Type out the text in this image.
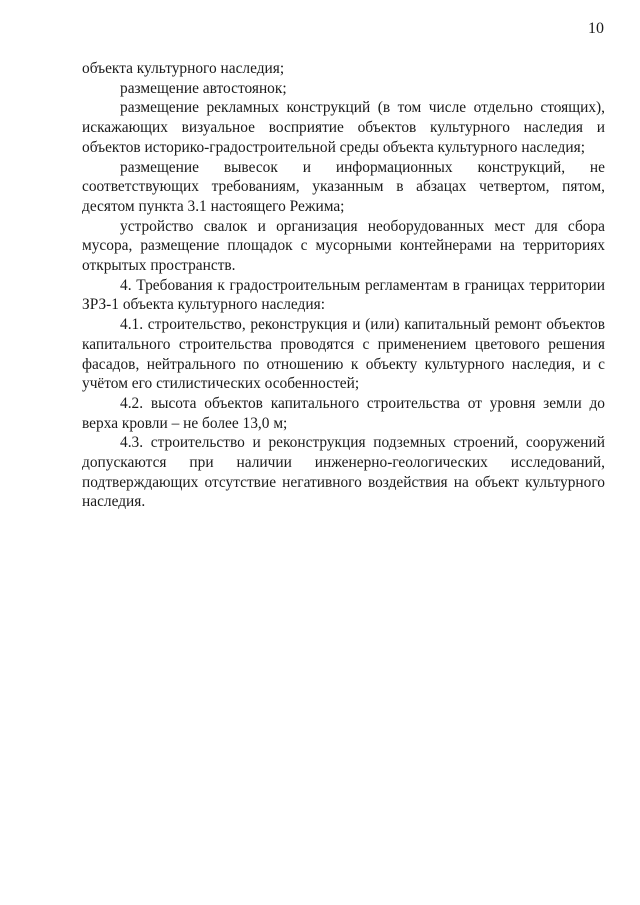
10

объекта культурного наследия;

размещение автостоянок;

размещение рекламных конструкций (в том числе отдельно стоящих), искажающих визуальное восприятие объектов культурного наследия и объектов историко-градостроительной среды объекта культурного наследия;

размещение вывесок и информационных конструкций, не соответствующих требованиям, указанным в абзацах четвертом, пятом, десятом пункта 3.1 настоящего Режима;

устройство свалок и организация необорудованных мест для сбора мусора, размещение площадок с мусорными контейнерами на территориях открытых пространств.

4. Требования к градостроительным регламентам в границах территории ЗРЗ-1 объекта культурного наследия:

4.1. строительство, реконструкция и (или) капитальный ремонт объектов капитального строительства проводятся с применением цветового решения фасадов, нейтрального по отношению к объекту культурного наследия, и с учётом его стилистических особенностей;

4.2. высота объектов капитального строительства от уровня земли до верха кровли – не более 13,0 м;

4.3. строительство и реконструкция подземных строений, сооружений допускаются при наличии инженерно-геологических исследований, подтверждающих отсутствие негативного воздействия на объект культурного наследия.
